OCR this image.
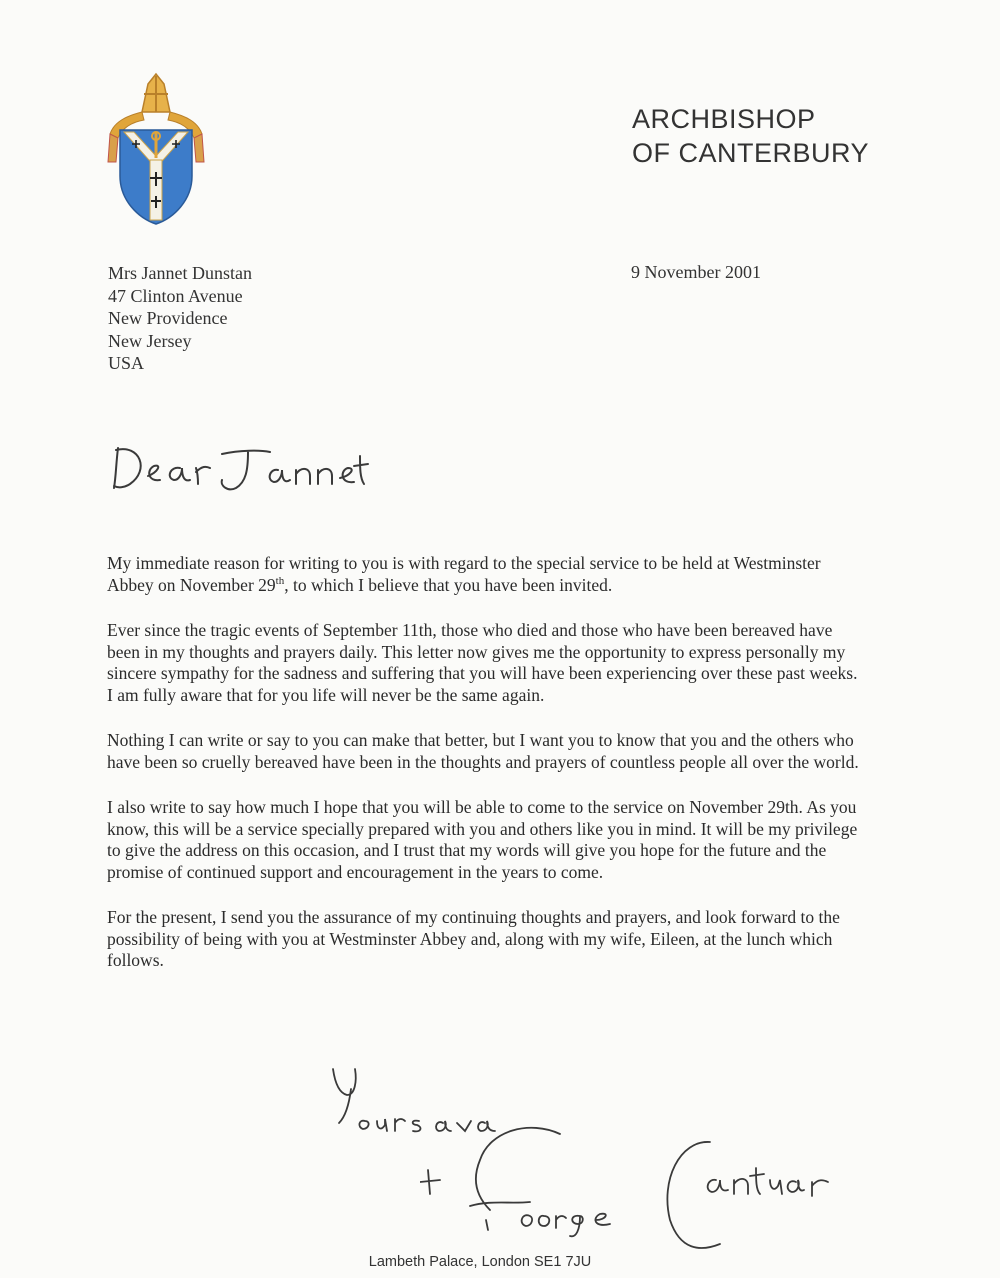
ARCHBISHOP
OF CANTERBURY
Mrs Jannet Dunstan
47 Clinton Avenue
New Providence
New Jersey
USA
9 November 2001

My immediate reason for writing to you is with regard to the special service to be held at Westminster Abbey on November 29th, to which I believe that you have been invited.

Ever since the tragic events of September 11th, those who died and those who have been bereaved have been in my thoughts and prayers daily. This letter now gives me the opportunity to express personally my sincere sympathy for the sadness and suffering that you will have been experiencing over these past weeks. I am fully aware that for you life will never be the same again.

Nothing I can write or say to you can make that better, but I want you to know that you and the others who have been so cruelly bereaved have been in the thoughts and prayers of countless people all over the world.

I also write to say how much I hope that you will be able to come to the service on November 29th. As you know, this will be a service specially prepared with you and others like you in mind. It will be my privilege to give the address on this occasion, and I trust that my words will give you hope for the future and the promise of continued support and encouragement in the years to come.

For the present, I send you the assurance of my continuing thoughts and prayers, and look forward to the possibility of being with you at Westminster Abbey and, along with my wife, Eileen, at the lunch which follows.

Lambeth Palace, London SE1 7JU
